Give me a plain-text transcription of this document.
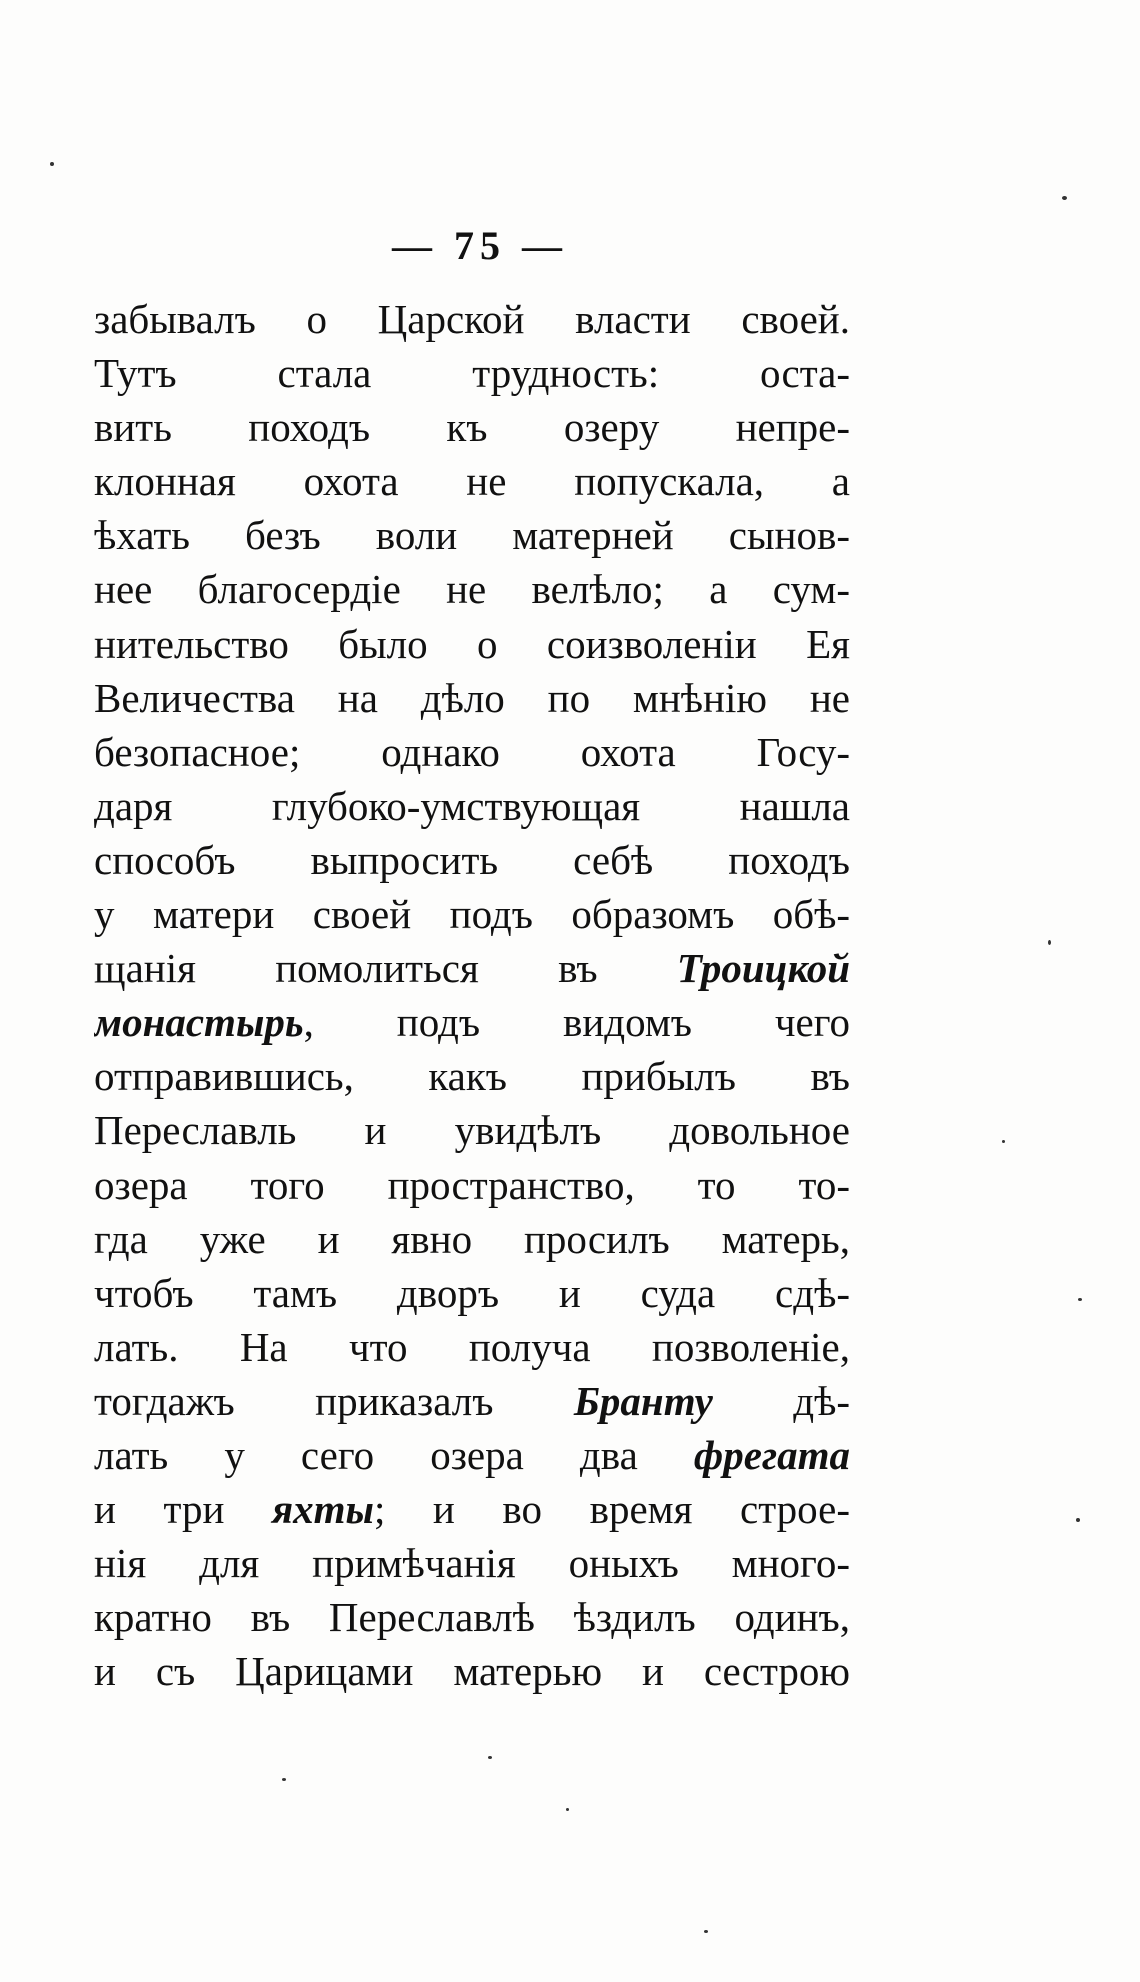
— 75 —
забывалъ о Царской власти своей.
Тутъ стала трудность: оста-
вить походъ къ озеру непре-
клонная охота не попускала, а
ѣхать безъ воли матерней сынов-
нее благосердіе не велѣло; а сум-
нительство было о соизволеніи Ея
Величества на дѣло по мнѣнію не
безопасное; однако охота Госу-
даря глубоко-умствующая нашла
способъ выпросить себѣ походъ
у матери своей подъ образомъ обѣ-
щанія помолиться въ Троицкой
монастырь, подъ видомъ чего
отправившись, какъ прибылъ въ
Переславль и увидѣлъ довольное
озера того пространство, то то-
гда уже и явно просилъ матерь,
чтобъ тамъ дворъ и суда сдѣ-
лать. На что получа позволеніе,
тогдажъ приказалъ Бранту дѣ-
лать у сего озера два фрегата
и три яхты; и во время строе-
нія для примѣчанія оныхъ много-
кратно въ Переславлѣ ѣздилъ одинъ,
и съ Царицами матерью и сестрою
